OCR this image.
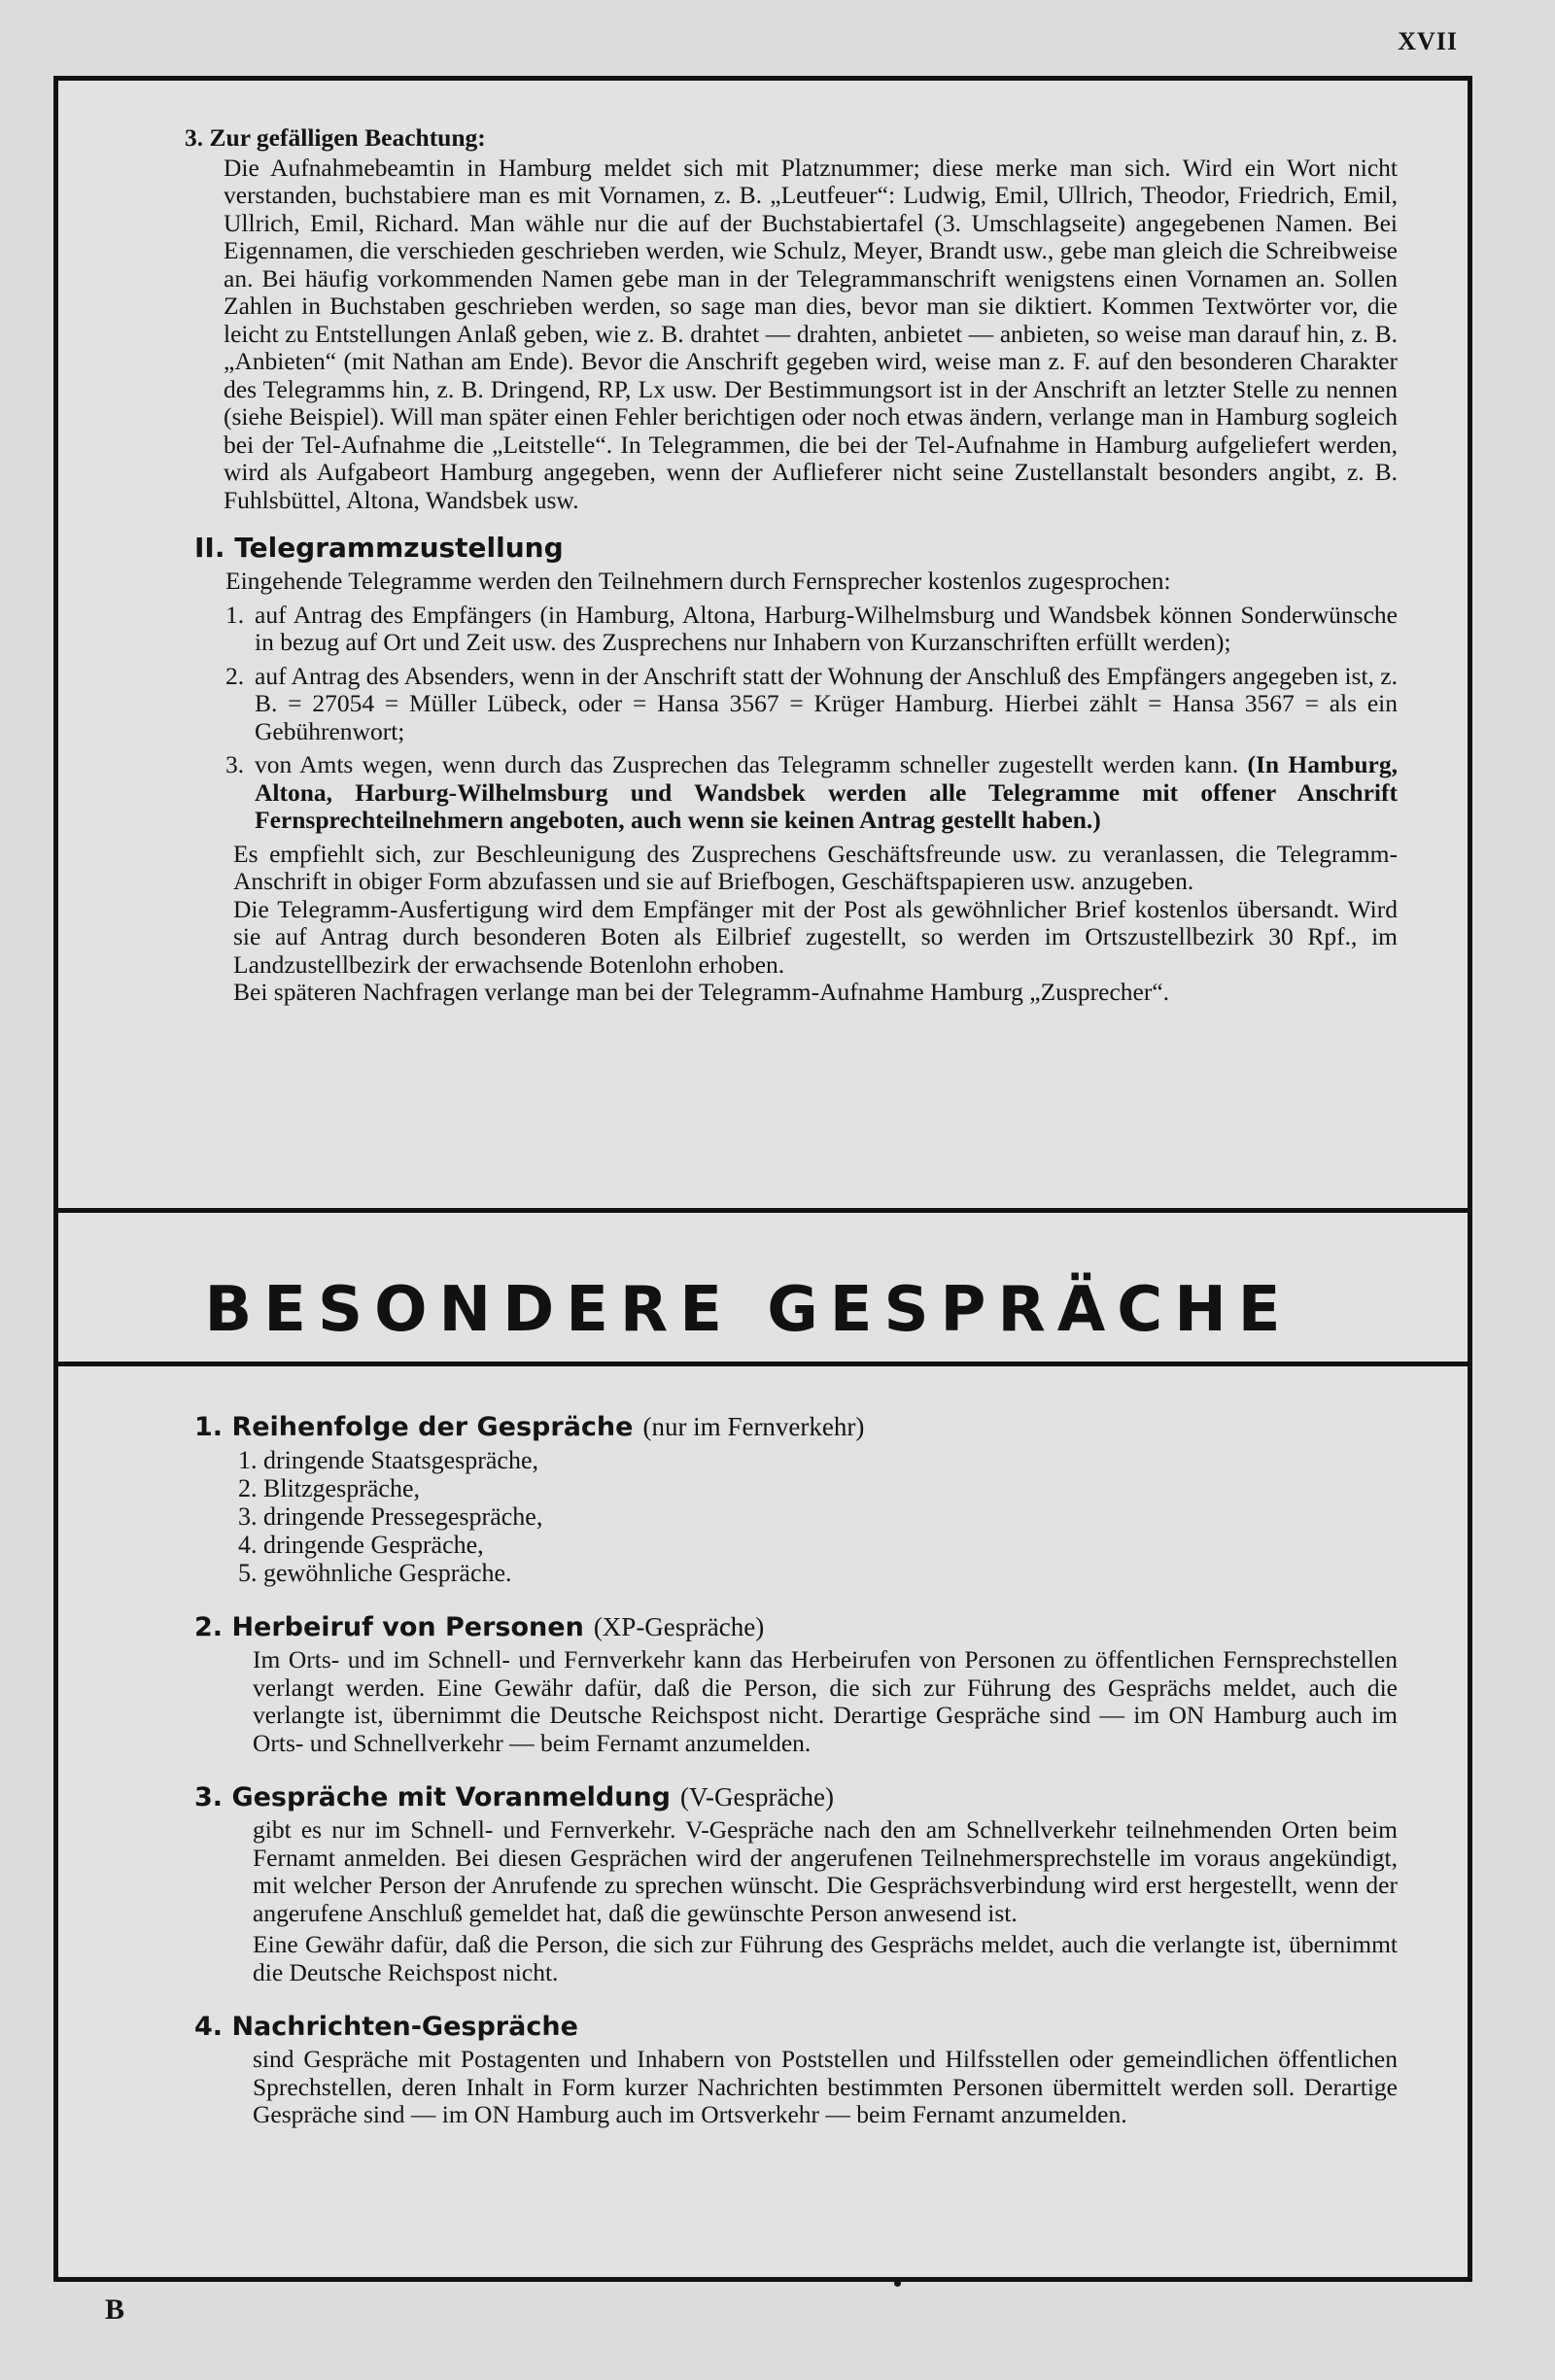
XVII

3. Zur gefälligen Beachtung:

Die Aufnahmebeamtin in Hamburg meldet sich mit Platznummer; diese merke man sich. Wird ein Wort nicht verstanden, buchstabiere man es mit Vornamen, z. B. „Leutfeuer“: Ludwig, Emil, Ullrich, Theodor, Friedrich, Emil, Ullrich, Emil, Richard. Man wähle nur die auf der Buchstabiertafel (3. Umschlagseite) angegebenen Namen. Bei Eigennamen, die verschieden geschrieben werden, wie Schulz, Meyer, Brandt usw., gebe man gleich die Schreibweise an. Bei häufig vorkommenden Namen gebe man in der Telegrammanschrift wenigstens einen Vornamen an. Sollen Zahlen in Buchstaben geschrieben werden, so sage man dies, bevor man sie diktiert. Kommen Textwörter vor, die leicht zu Entstellungen Anlaß geben, wie z. B. drahtet — drahten, anbietet — anbieten, so weise man darauf hin, z. B. „Anbieten“ (mit Nathan am Ende). Bevor die Anschrift gegeben wird, weise man z. F. auf den besonderen Charakter des Telegramms hin, z. B. Dringend, RP, Lx usw. Der Bestimmungsort ist in der Anschrift an letzter Stelle zu nennen (siehe Beispiel). Will man später einen Fehler berichtigen oder noch etwas ändern, verlange man in Hamburg sogleich bei der Tel-Aufnahme die „Leitstelle“. In Telegrammen, die bei der Tel-Aufnahme in Hamburg aufgeliefert werden, wird als Aufgabeort Hamburg angegeben, wenn der Auflieferer nicht seine Zustellanstalt besonders angibt, z. B. Fuhlsbüttel, Altona, Wandsbek usw.

II. Telegrammzustellung

Eingehende Telegramme werden den Teilnehmern durch Fernsprecher kostenlos zugesprochen:

1. auf Antrag des Empfängers (in Hamburg, Altona, Harburg-Wilhelmsburg und Wandsbek können Sonderwünsche in bezug auf Ort und Zeit usw. des Zusprechens nur Inhabern von Kurzanschriften erfüllt werden);
2. auf Antrag des Absenders, wenn in der Anschrift statt der Wohnung der Anschluß des Empfängers angegeben ist, z. B. = 27054 = Müller Lübeck, oder = Hansa 3567 = Krüger Hamburg. Hierbei zählt = Hansa 3567 = als ein Gebührenwort;
3. von Amts wegen, wenn durch das Zusprechen das Telegramm schneller zugestellt werden kann. (In Hamburg, Altona, Harburg-Wilhelmsburg und Wandsbek werden alle Telegramme mit offener Anschrift Fernsprechteilnehmern angeboten, auch wenn sie keinen Antrag gestellt haben.)

Es empfiehlt sich, zur Beschleunigung des Zusprechens Geschäftsfreunde usw. zu veranlassen, die Telegramm-Anschrift in obiger Form abzufassen und sie auf Briefbogen, Geschäftspapieren usw. anzugeben.

Die Telegramm-Ausfertigung wird dem Empfänger mit der Post als gewöhnlicher Brief kostenlos übersandt. Wird sie auf Antrag durch besonderen Boten als Eilbrief zugestellt, so werden im Ortszustellbezirk 30 Rpf., im Landzustellbezirk der erwachsende Botenlohn erhoben.

Bei späteren Nachfragen verlange man bei der Telegramm-Aufnahme Hamburg „Zusprecher“.

BESONDERE GESPRÄCHE
1. Reihenfolge der Gespräche (nur im Fernverkehr)
1. dringende Staatsgespräche,
2. Blitzgespräche,
3. dringende Pressegespräche,
4. dringende Gespräche,
5. gewöhnliche Gespräche.
2. Herbeiruf von Personen (XP-Gespräche)

Im Orts- und im Schnell- und Fernverkehr kann das Herbeirufen von Personen zu öffentlichen Fernsprechstellen verlangt werden. Eine Gewähr dafür, daß die Person, die sich zur Führung des Gesprächs meldet, auch die verlangte ist, übernimmt die Deutsche Reichspost nicht. Derartige Gespräche sind — im ON Hamburg auch im Orts- und Schnellverkehr — beim Fernamt anzumelden.

3. Gespräche mit Voranmeldung (V-Gespräche)

gibt es nur im Schnell- und Fernverkehr. V-Gespräche nach den am Schnellverkehr teilnehmenden Orten beim Fernamt anmelden. Bei diesen Gesprächen wird der angerufenen Teilnehmersprechstelle im voraus angekündigt, mit welcher Person der Anrufende zu sprechen wünscht. Die Gesprächsverbindung wird erst hergestellt, wenn der angerufene Anschluß gemeldet hat, daß die gewünschte Person anwesend ist.

Eine Gewähr dafür, daß die Person, die sich zur Führung des Gesprächs meldet, auch die verlangte ist, übernimmt die Deutsche Reichspost nicht.

4. Nachrichten-Gespräche

sind Gespräche mit Postagenten und Inhabern von Poststellen und Hilfsstellen oder gemeindlichen öffentlichen Sprechstellen, deren Inhalt in Form kurzer Nachrichten bestimmten Personen übermittelt werden soll. Derartige Gespräche sind — im ON Hamburg auch im Ortsverkehr — beim Fernamt anzumelden.

B
